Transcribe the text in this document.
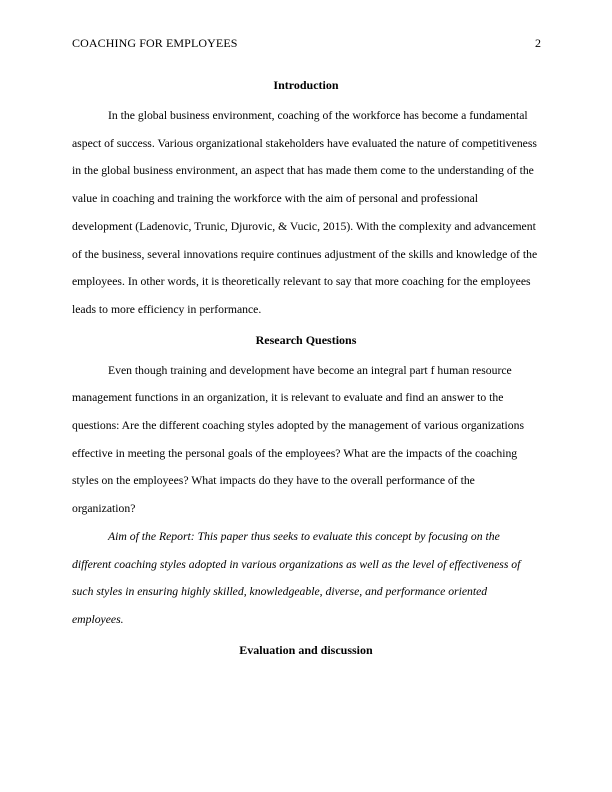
COACHING FOR EMPLOYEES	2
Introduction

In the global business environment, coaching of the workforce has become a fundamental aspect of success. Various organizational stakeholders have evaluated the nature of competitiveness in the global business environment, an aspect that has made them come to the understanding of the value in coaching and training the workforce with the aim of personal and professional development (Ladenovic, Trunic, Djurovic, & Vucic, 2015). With the complexity and advancement of the business, several innovations require continues adjustment of the skills and knowledge of the employees. In other words, it is theoretically relevant to say that more coaching for the employees leads to more efficiency in performance.

Research Questions

Even though training and development have become an integral part f human resource management functions in an organization, it is relevant to evaluate and find an answer to the questions: Are the different coaching styles adopted by the management of various organizations effective in meeting the personal goals of the employees? What are the impacts of the coaching styles on the employees? What impacts do they have to the overall performance of the organization?

Aim of the Report: This paper thus seeks to evaluate this concept by focusing on the different coaching styles adopted in various organizations as well as the level of effectiveness of such styles in ensuring highly skilled, knowledgeable, diverse, and performance oriented employees.

Evaluation and discussion
